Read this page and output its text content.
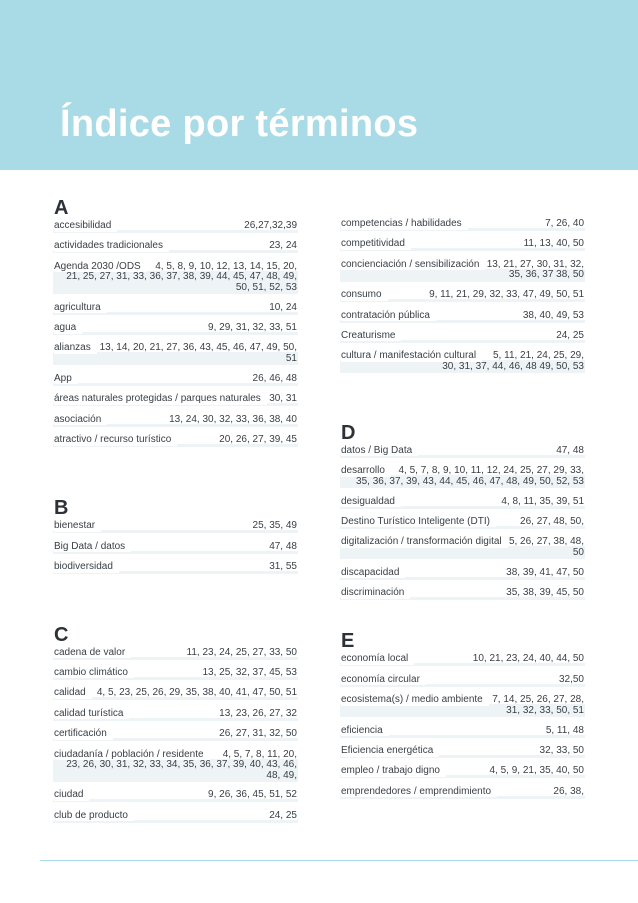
Índice por términos
A
accesibilidad	26,27,32,39
actividades tradicionales	23, 24
Agenda 2030 /ODS	4, 5, 8, 9, 10, 12, 13, 14, 15, 20, 21, 25, 27, 31, 33, 36, 37, 38, 39, 44, 45, 47, 48, 49, 50, 51, 52, 53
agricultura	10, 24
agua	9, 29, 31, 32, 33, 51
alianzas 13, 14, 20, 21, 27, 36, 43, 45, 46, 47, 49, 50, 51
App	26, 46, 48
áreas naturales protegidas / parques naturales 30, 31
asociación	13, 24, 30, 32, 33, 36, 38, 40
atractivo / recurso turístico	20, 26, 27, 39, 45
B
bienestar	25, 35, 49
Big Data / datos	47, 48
biodiversidad	31, 55
C
cadena de valor	11, 23, 24, 25, 27, 33, 50
cambio climático	13, 25, 32, 37, 45, 53
calidad	4, 5, 23, 25, 26, 29, 35, 38, 40, 41, 47, 50, 51
calidad turística	13, 23, 26, 27, 32
certificación	26, 27, 31, 32, 50
ciudadanía / población / residente	4, 5, 7, 8, 11, 20, 23, 26, 30, 31, 32, 33, 34, 35, 36, 37, 39, 40, 43, 46, 48, 49,
ciudad	9, 26, 36, 45, 51, 52
club de producto	24, 25
competencias / habilidades	7, 26, 40
competitividad	11, 13, 40, 50
concienciación / sensibilización 13, 21, 27, 30, 31, 32, 35, 36, 37 38, 50
consumo	9, 11, 21, 29, 32, 33, 47, 49, 50, 51
contratación pública	38, 40, 49, 53
Creaturisme	24, 25
cultura / manifestación cultural	5, 11, 21, 24, 25, 29, 30, 31, 37, 44, 46, 48 49, 50, 53
D
datos / Big Data	47, 48
desarrollo	4, 5, 7, 8, 9, 10, 11, 12, 24, 25, 27, 29, 33, 35, 36, 37, 39, 43, 44, 45, 46, 47, 48, 49, 50, 52, 53
desigualdad	4, 8, 11, 35, 39, 51
Destino Turístico Inteligente (DTI)	26, 27, 48, 50,
digitalización / transformación digital 5, 26, 27, 38, 48, 50
discapacidad	38, 39, 41, 47, 50
discriminación	35, 38, 39, 45, 50
E
economía local	10, 21, 23, 24, 40, 44, 50
economía circular	32,50
ecosistema(s) / medio ambiente 7, 14, 25, 26, 27, 28, 31, 32, 33, 50, 51
eficiencia	5, 11, 48
Eficiencia energética	32, 33, 50
empleo / trabajo digno	4, 5, 9, 21, 35, 40, 50
emprendedores / emprendimiento	26, 38,
